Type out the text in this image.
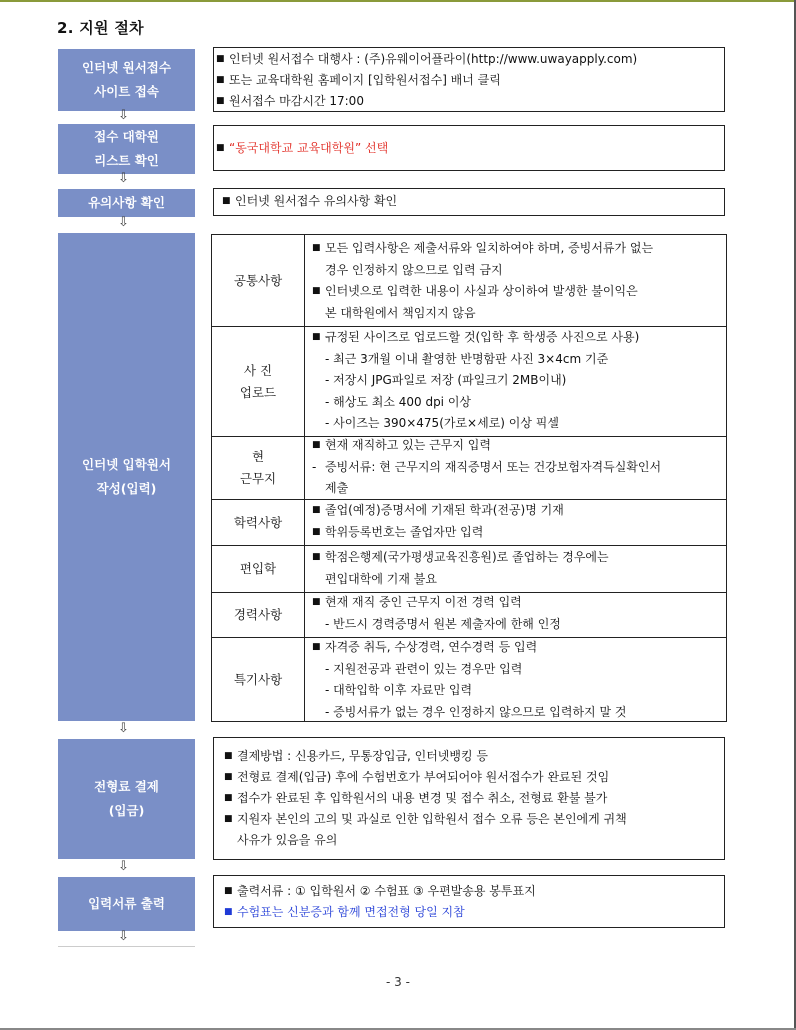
2. 지원 절차
인터넷 원서접수
사이트 접속
■ 인터넷 원서접수 대행사 : (주)유웨이어플라이(http://www.uwayapply.com)
■ 또는 교육대학원 홈페이지 [입학원서접수] 배너 클릭
■ 원서접수 마감시간 17:00
⇩
접수 대학원
리스트 확인
■ “동국대학교 교육대학원” 선택
⇩
유의사항 확인	■ 인터넷 원서접수 유의사항 확인
⇩
인터넷 입학원서
작성(입력)
공통사항
■ 모든 입력사항은 제출서류와 일치하여야 하며, 증빙서류가 없는
경우 인정하지 않으므로 입력 금지
■ 인터넷으로 입력한 내용이 사실과 상이하여 발생한 불이익은
본 대학원에서 책임지지 않음
사 진
업로드
■ 규정된 사이즈로 업로드할 것(입학 후 학생증 사진으로 사용)
- 최근 3개월 이내 촬영한 반명함판 사진 3×4cm 기준
- 저장시 JPG파일로 저장 (파일크기 2MB이내)
- 해상도 최소 400 dpi 이상
- 사이즈는 390×475(가로×세로) 이상 픽셀
현
근무지
■ 현재 재직하고 있는 근무지 입력
- 증빙서류: 현 근무지의 재직증명서 또는 건강보험자격득실확인서
제출
학력사항
■ 졸업(예정)증명서에 기재된 학과(전공)명 기재
■ 학위등록번호는 졸업자만 입력
편입학
■ 학점은행제(국가평생교육진흥원)로 졸업하는 경우에는
편입대학에 기재 불요
경력사항
■ 현재 재직 중인 근무지 이전 경력 입력
- 반드시 경력증명서 원본 제출자에 한해 인정
특기사항
■ 자격증 취득, 수상경력, 연수경력 등 입력
- 지원전공과 관련이 있는 경우만 입력
- 대학입학 이후 자료만 입력
- 증빙서류가 없는 경우 인정하지 않으므로 입력하지 말 것
⇩
전형료 결제
(입금)
■ 결제방법 : 신용카드, 무통장입금, 인터넷뱅킹 등
■ 전형료 결제(입금) 후에 수험번호가 부여되어야 원서접수가 완료된 것임
■ 접수가 완료된 후 입학원서의 내용 변경 및 접수 취소, 전형료 환불 불가
■ 지원자 본인의 고의 및 과실로 인한 입학원서 접수 오류 등은 본인에게 귀책
사유가 있음을 유의
⇩
입력서류 출력
■ 출력서류 : ① 입학원서 ② 수험표 ③ 우편발송용 봉투표지
■ 수험표는 신분증과 함께 면접전형 당일 지참
⇩
- 3 -
